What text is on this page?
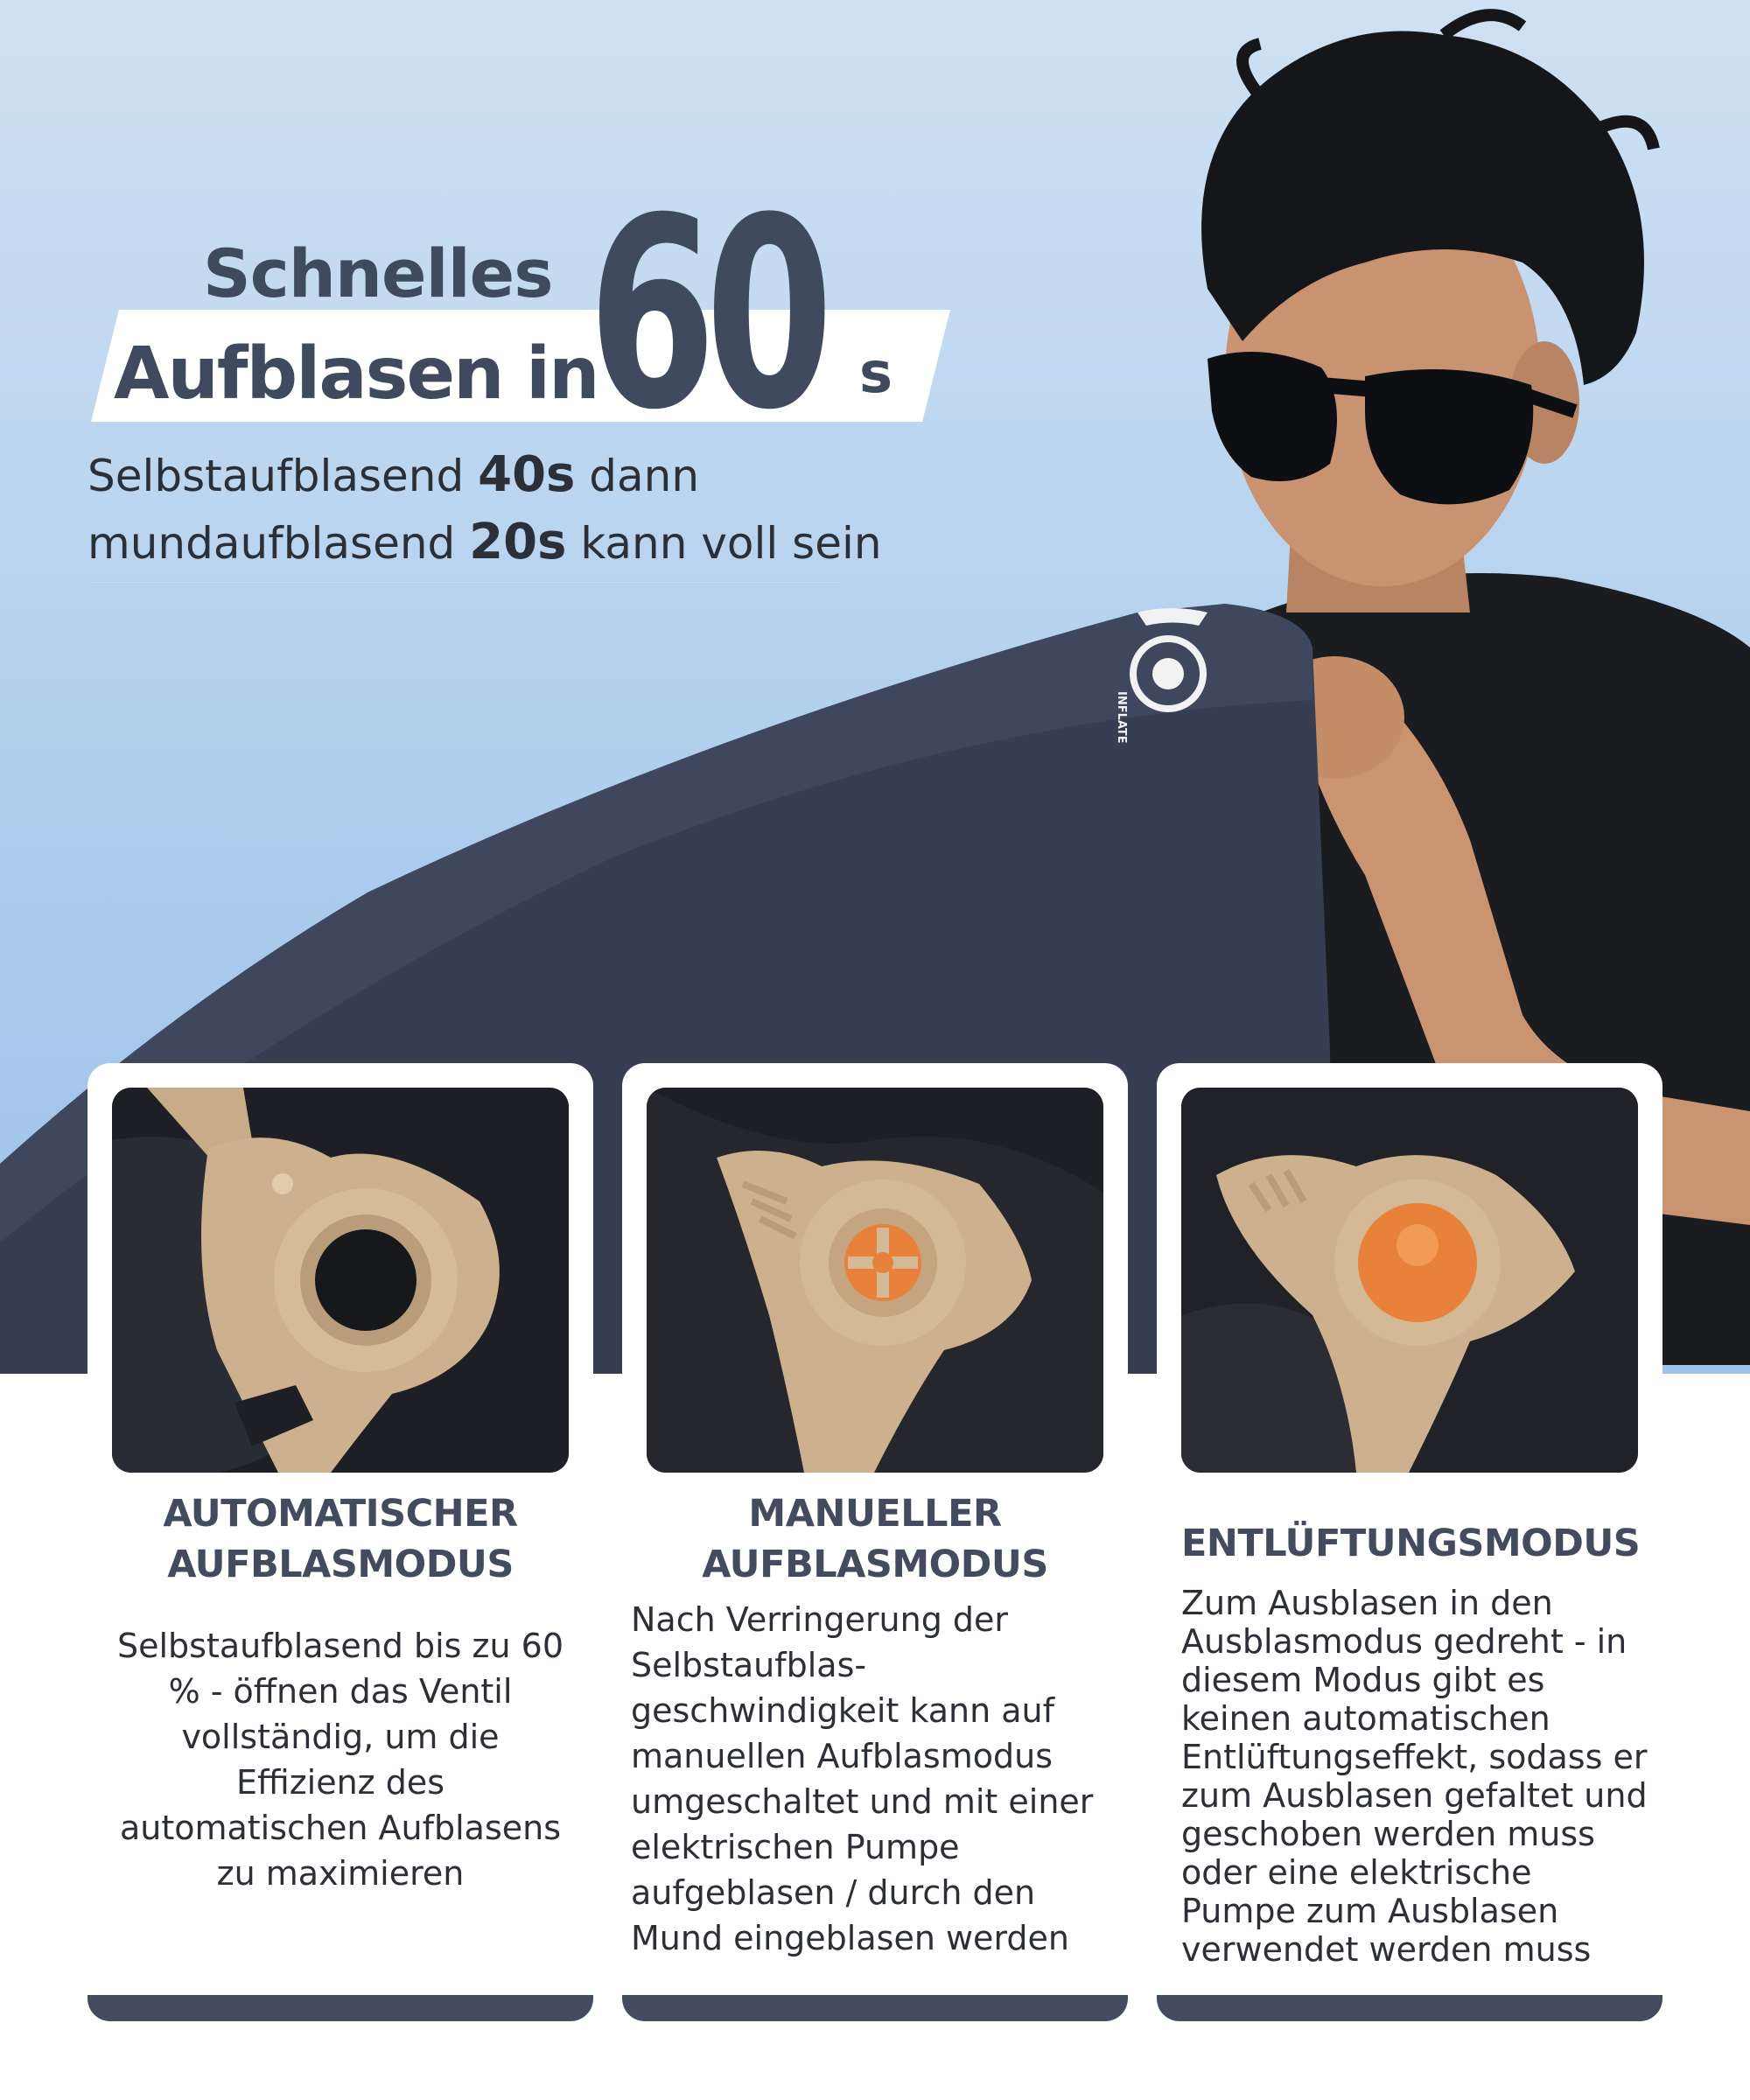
INFLATE
Schnelles
Aufblasen in
60 s
Selbstaufblasend 40s dann
mundaufblasend 20s kann voll sein
AUTOMATISCHER
AUFBLASMODUS
Selbstaufblasend bis zu 60 % - öffnen das Ventil vollständig, um die Effizienz des automatischen Aufblasens zu maximieren
MANUELLER
AUFBLASMODUS
Nach Verringerung der Selbstaufblas-geschwindigkeit kann auf manuellen Aufblasmodus umgeschaltet und mit einer elektrischen Pumpe aufgeblasen / durch den Mund eingeblasen werden
ENTLÜFTUNGSMODUS
Zum Ausblasen in den Ausblasmodus gedreht - in diesem Modus gibt es keinen automatischen Entlüftungseffekt, sodass er zum Ausblasen gefaltet und geschoben werden muss oder eine elektrische Pumpe zum Ausblasen verwendet werden muss
